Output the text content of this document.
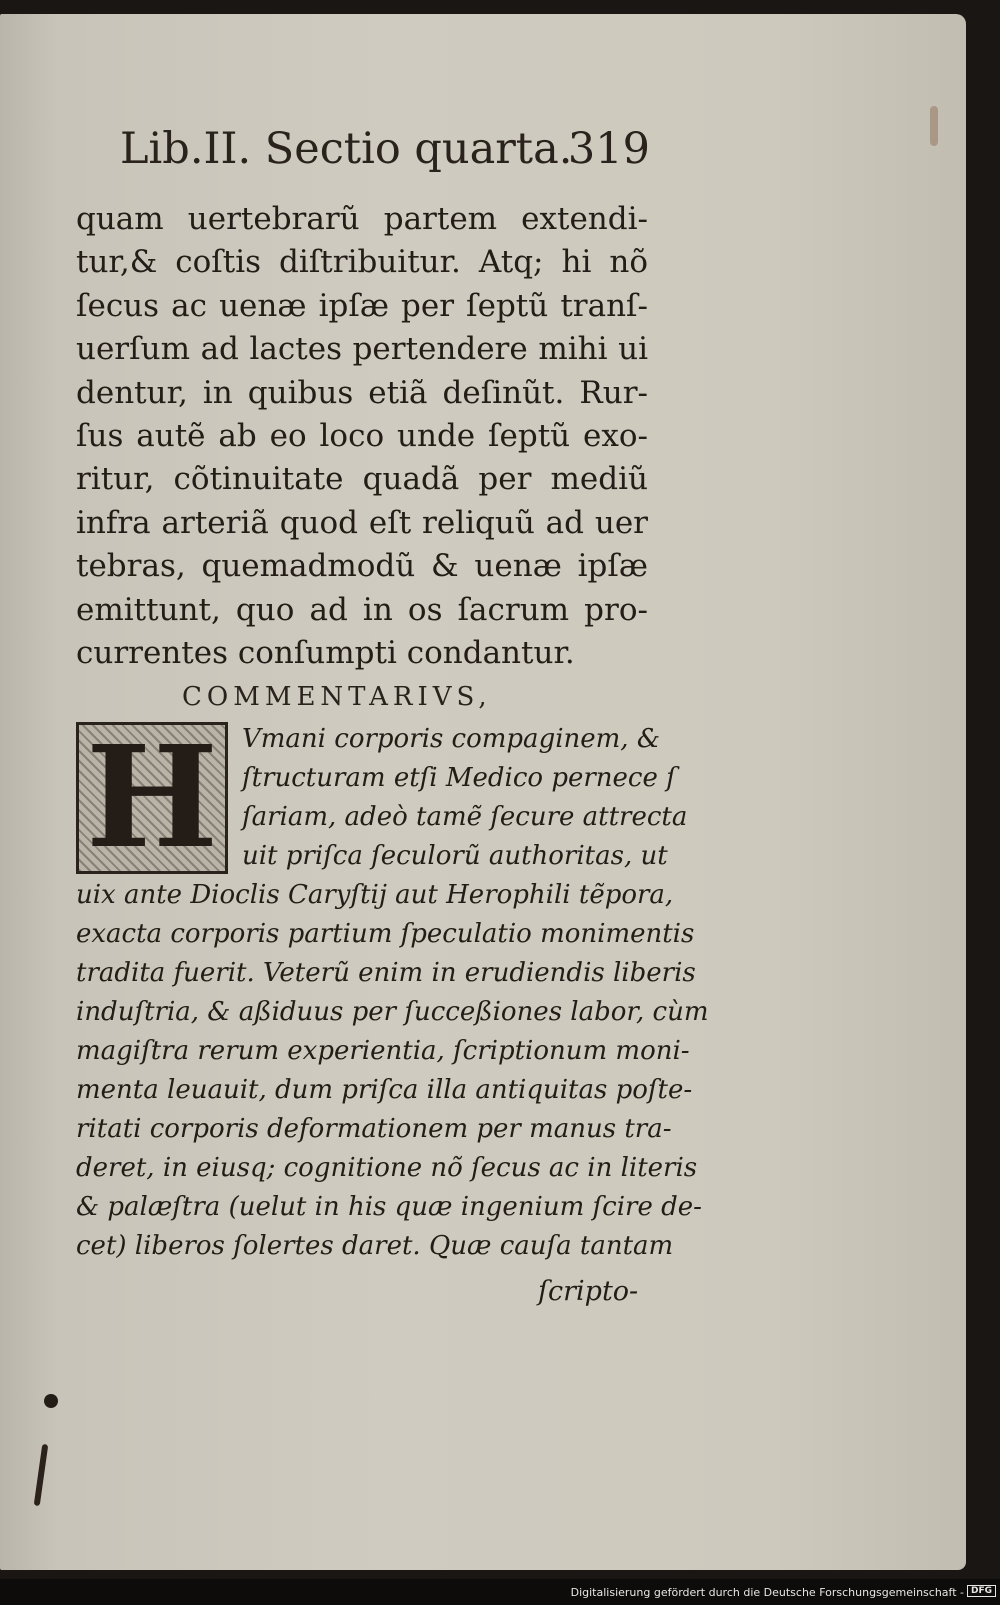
Lib.II. Sectio quarta.
319
quam uertebrarũ partem extendi-
tur,& coſtis diſtribuitur. Atq; hi nõ
ſecus ac uenæ ipſæ per ſeptũ tranſ-
uerſum ad lactes pertendere mihi ui
dentur, in quibus etiã deſinũt. Rur-
ſus autẽ ab eo loco unde ſeptũ exo-
ritur, cõtinuitate quadã per mediũ
infra arteriã quod eſt reliquũ ad uer
tebras, quemadmodũ & uenæ ipſæ
emittunt, quo ad in os ſacrum pro-
currentes conſumpti condantur.
COMMENTARIVS,
H Vmani corporis compaginem, &
ſtructuram etſi Medico pernece ſ
ſariam, adeò tamẽ ſecure attrecta
uit priſca ſeculorũ authoritas, ut
uix ante Dioclis Caryſtij aut Herophili tẽpora,
exacta corporis partium ſpeculatio monimentis
tradita fuerit. Veterũ enim in erudiendis liberis
induſtria, & aßiduus per ſucceßiones labor, cùm
magiſtra rerum experientia, ſcriptionum moni-
menta leuauit, dum priſca illa antiquitas poſte-
ritati corporis deformationem per manus tra-
deret, in eiusq; cognitione nõ ſecus ac in literis
& palæſtra (uelut in his quæ ingenium ſcire de-
cet) liberos ſolertes daret. Quæ cauſa tantam
ſcripto-
Digitalisierung gefördert durch die Deutsche Forschungsgemeinschaft - DFG
